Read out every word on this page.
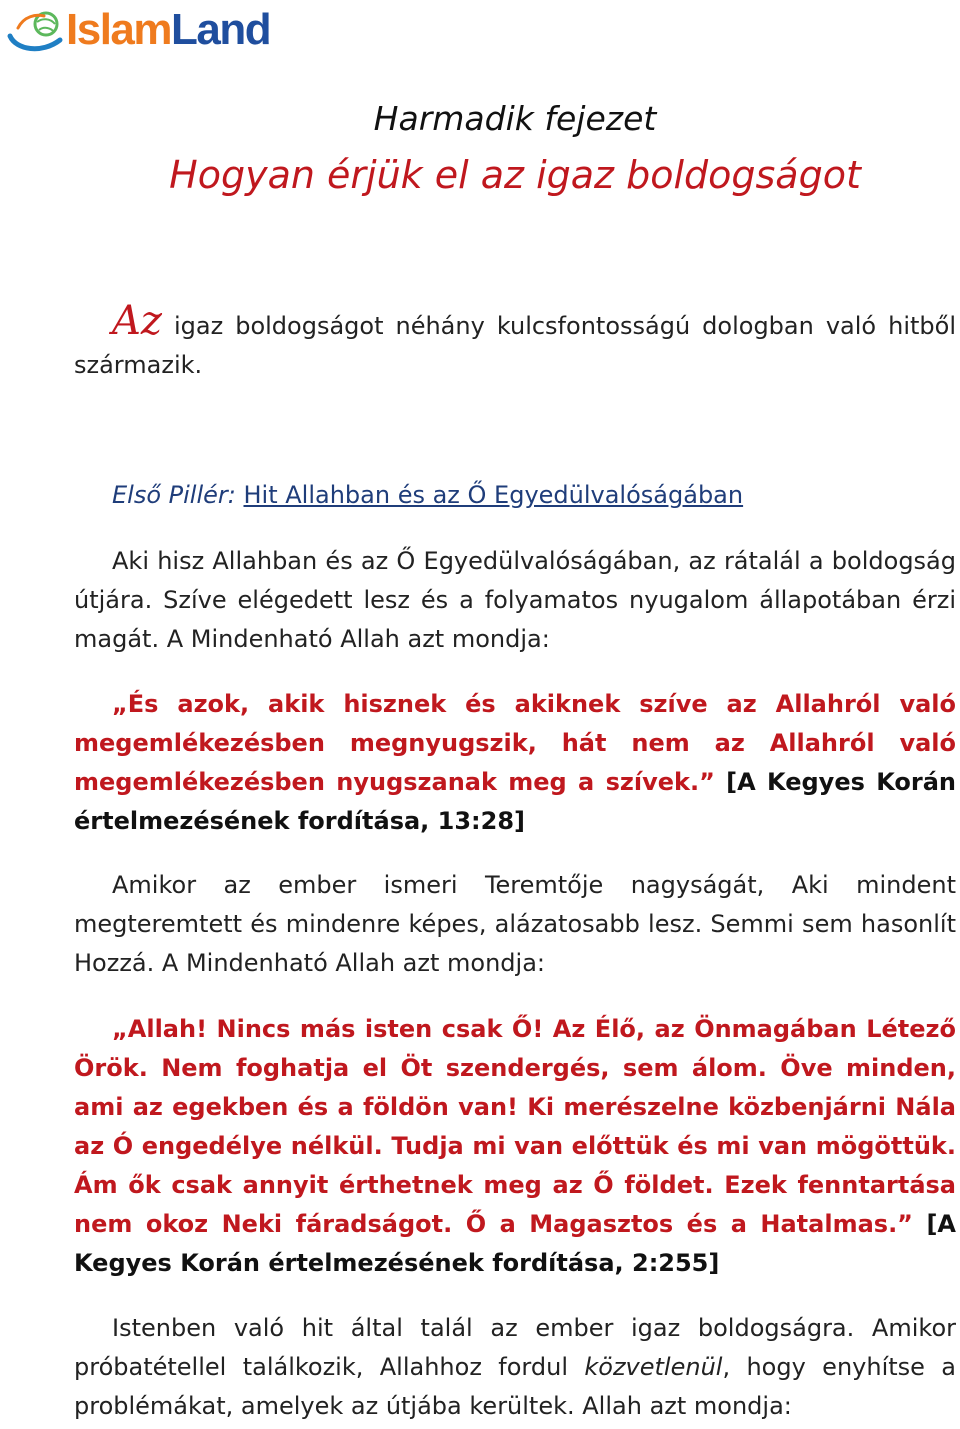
IslamLand
Harmadik fejezet
Hogyan érjük el az igaz boldogságot
Az igaz boldogságot néhány kulcsfontosságú dologban való hitből származik.
Első Pillér: Hit Allahban és az Ő Egyedülvalóságában
Aki hisz Allahban és az Ő Egyedülvalóságában, az rátalál a boldogság útjára. Szíve elégedett lesz és a folyamatos nyugalom állapotában érzi magát. A Mindenható Allah azt mondja:
„És azok, akik hisznek és akiknek szíve az Allahról való megemlékezésben megnyugszik, hát nem az Allahról való megemlékezésben nyugszanak meg a szívek.” [A Kegyes Korán értelmezésének fordítása, 13:28]
Amikor az ember ismeri Teremtője nagyságát, Aki mindent megteremtett és mindenre képes, alázatosabb lesz. Semmi sem hasonlít Hozzá. A Mindenható Allah azt mondja:
„Allah! Nincs más isten csak Ő! Az Élő, az Önmagában Létező Örök. Nem foghatja el Öt szendergés, sem álom. Öve minden, ami az egekben és a földön van! Ki merészelne közbenjárni Nála az Ó engedélye nélkül. Tudja mi van előttük és mi van mögöttük. Ám ők csak annyit érthetnek meg az Ő földet. Ezek fenntartása nem okoz Neki fáradságot. Ő a Magasztos és a Hatalmas.” [A Kegyes Korán értelmezésének fordítása, 2:255]
Istenben való hit által talál az ember igaz boldogságra. Amikor próbatétellel találkozik, Allahhoz fordul közvetlenül, hogy enyhítse a problémákat, amelyek az útjába kerültek. Allah azt mondja:
